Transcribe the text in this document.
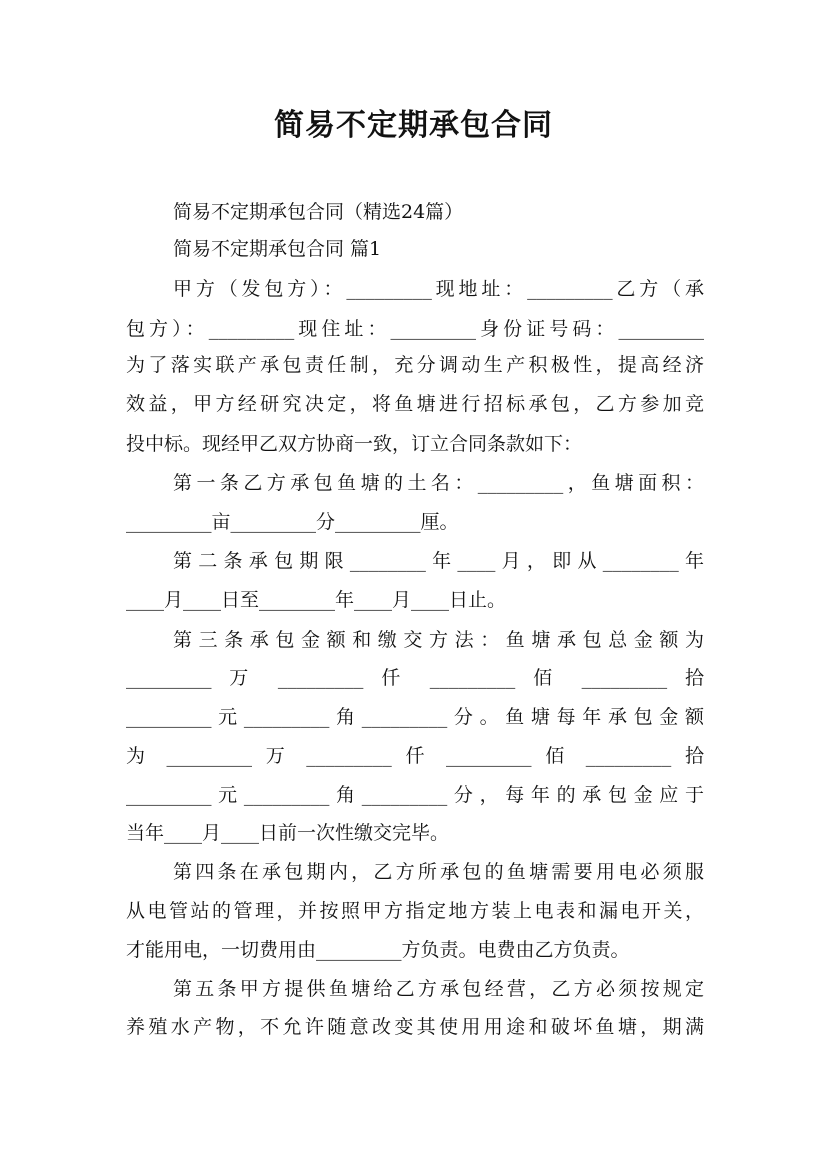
简易不定期承包合同
简易不定期承包合同（精选24篇）
简易不定期承包合同 篇1
甲方（发包方）：_________现地址：_________乙方（承
包方）：_________现住址：_________身份证号码：_________
为了落实联产承包责任制，充分调动生产积极性，提高经济
效益，甲方经研究决定，将鱼塘进行招标承包，乙方参加竞
投中标。现经甲乙双方协商一致，订立合同条款如下：
第一条乙方承包鱼塘的土名：_________，鱼塘面积：
_________亩_________分_________厘。
第二条承包期限________年____月，即从________年
____月____日至________年____月____日止。
第三条承包金额和缴交方法：鱼塘承包总金额为
_________ 万 _________ 仟 _________ 佰 _________ 拾
_________元_________角_________分。鱼塘每年承包金额
为 _________ 万 _________ 仟 _________ 佰 _________ 拾
_________元_________角_________分，每年的承包金应于
当年____月____日前一次性缴交完毕。
第四条在承包期内，乙方所承包的鱼塘需要用电必须服
从电管站的管理，并按照甲方指定地方装上电表和漏电开关，
才能用电，一切费用由_________方负责。电费由乙方负责。
第五条甲方提供鱼塘给乙方承包经营，乙方必须按规定
养殖水产物，不允许随意改变其使用用途和破坏鱼塘，期满
